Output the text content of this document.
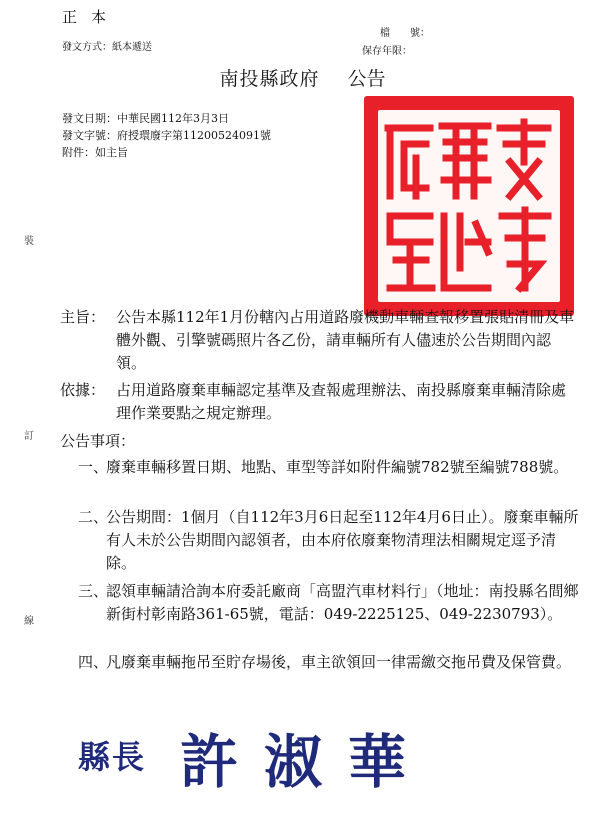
正本
發文方式：紙本遞送
檔　　號：
保存年限：
南投縣政府 公告
發文日期：中華民國112年3月3日
發文字號：府授環廢字第11200524091號
附件：如主旨
裝
訂
線
主旨： 公告本縣112年1月份轄內占用道路廢機動車輛查報移置張貼清冊及車體外觀、引擎號碼照片各乙份，請車輛所有人儘速於公告期間內認領。
依據： 占用道路廢棄車輛認定基準及查報處理辦法、南投縣廢棄車輛清除處理作業要點之規定辦理。
公告事項：
一、
廢棄車輛移置日期、地點、車型等詳如附件編號782號至編號788號。
二、
公告期間：1個月（自112年3月6日起至112年4月6日止）。廢棄車輛所有人未於公告期間內認領者，由本府依廢棄物清理法相關規定逕予清除。
三、
認領車輛請洽詢本府委託廠商「高盟汽車材料行」（地址：南投縣名間鄉新街村彰南路361-65號，電話：049-2225125、049-2230793）。
四、
凡廢棄車輛拖吊至貯存場後，車主欲領回一律需繳交拖吊費及保管費。
縣長 許淑華
